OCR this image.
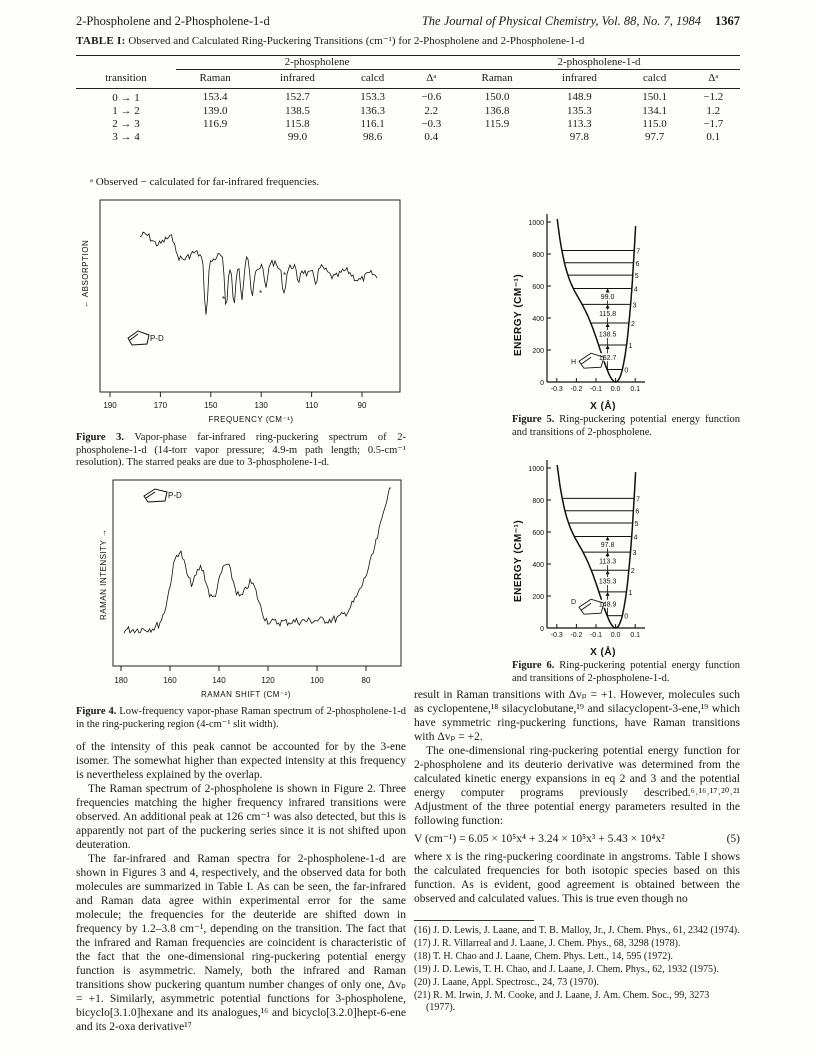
2-Phospholene and 2-Phospholene-1-d	The Journal of Physical Chemistry, Vol. 88, No. 7, 1984 1367
TABLE I: Observed and Calculated Ring-Puckering Transitions (cm⁻¹) for 2-Phospholene and 2-Phospholene-1-d
	2-phospholene				2-phospholene-1-d			
transition	Raman	infrared	calcd	Δᵃ	Raman	infrared	calcd	Δᵃ
0 → 1	153.4	152.7	153.3	−0.6	150.0	148.9	150.1	−1.2
1 → 2	139.0	138.5	136.3	2.2	136.8	135.3	134.1	1.2
2 → 3	116.9	115.8	116.1	−0.3	115.9	113.3	115.0	−1.7
3 → 4		99.0	98.6	0.4		97.8	97.7	0.1
ᵃ Observed − calculated for far-infrared frequencies.
*
*
*
190	170	150	130	110	90
← ABSORPTION
FREQUENCY (CM⁻¹)
P-D
Figure 3. Vapor-phase far-infrared ring-puckering spectrum of 2-phospholene-1-d (14-torr vapor pressure; 4.9-m path length; 0.5-cm⁻¹ resolution). The starred peaks are due to 3-phospholene-1-d.
180	160	140	120	100	80
RAMAN INTENSITY →
RAMAN SHIFT (CM⁻¹)
P-D
Figure 4. Low-frequency vapor-phase Raman spectrum of 2-phospholene-1-d in the ring-puckering region (4-cm⁻¹ slit width).

of the intensity of this peak cannot be accounted for by the 3-ene isomer. The somewhat higher than expected intensity at this frequency is nevertheless explained by the overlap.

The Raman spectrum of 2-phospholene is shown in Figure 2. Three frequencies matching the higher frequency infrared transitions were observed. An additional peak at 126 cm⁻¹ was also detected, but this is apparently not part of the puckering series since it is not shifted upon deuteration.

The far-infrared and Raman spectra for 2-phospholene-1-d are shown in Figures 3 and 4, respectively, and the observed data for both molecules are summarized in Table I. As can be seen, the far-infrared and Raman data agree within experimental error for the same molecule; the frequencies for the deuteride are shifted down in frequency by 1.2–3.8 cm⁻¹, depending on the transition. The fact that the infrared and Raman frequencies are coincident is characteristic of the fact that the one-dimensional ring-puckering potential energy function is asymmetric. Namely, both the infrared and Raman transitions show puckering quantum number changes of only one, Δvₚ = +1. Similarly, asymmetric potential functions for 3-phospholene, bicyclo[3.1.0]hexane and its analogues,¹⁶ and bicyclo[3.2.0]hept-6-ene and its 2-oxa derivative¹⁷

ENERGY (CM⁻¹)
X (Å)
H
0
200
400
600
800
1000
-0.3 -0.2 -0.1 0.0 0.1
0
1
2
3
4
5
6
7
152.7
138.5
115.8
99.0
Figure 5. Ring-puckering potential energy function and transitions of 2-phospholene.
ENERGY (CM⁻¹)
X (Å)
D
0
200
400
600
800
1000
-0.3 -0.2 -0.1 0.0 0.1
0
1
2
3
4
5
6
7
148.9
135.3
113.3
97.8
Figure 6. Ring-puckering potential energy function and transitions of 2-phospholene-1-d.

result in Raman transitions with Δvₚ = +1. However, molecules such as cyclopentene,¹⁸ silacyclobutane,¹⁹ and silacyclopent-3-ene,¹⁹ which have symmetric ring-puckering functions, have Raman transitions with Δvₚ = +2.

The one-dimensional ring-puckering potential energy function for 2-phospholene and its deuterio derivative was determined from the calculated kinetic energy expansions in eq 2 and 3 and the potential energy computer programs previously described.⁶˒¹⁶˒¹⁷˒²⁰˒²¹ Adjustment of the three potential energy parameters resulted in the following function:

V (cm⁻¹) = 6.05 × 10⁵x⁴ + 3.24 × 10⁵x³ + 5.43 × 10⁴x²	(5)

where x is the ring-puckering coordinate in angstroms. Table I shows the calculated frequencies for both isotopic species based on this function. As is evident, good agreement is obtained between the observed and calculated values. This is true even though no

(16) J. D. Lewis, J. Laane, and T. B. Malloy, Jr., J. Chem. Phys., 61, 2342 (1974).
(17) J. R. Villarreal and J. Laane, J. Chem. Phys., 68, 3298 (1978).
(18) T. H. Chao and J. Laane, Chem. Phys. Lett., 14, 595 (1972).
(19) J. D. Lewis, T. H. Chao, and J. Laane, J. Chem. Phys., 62, 1932 (1975).
(20) J. Laane, Appl. Spectrosc., 24, 73 (1970).
(21) R. M. Irwin, J. M. Cooke, and J. Laane, J. Am. Chem. Soc., 99, 3273 (1977).
